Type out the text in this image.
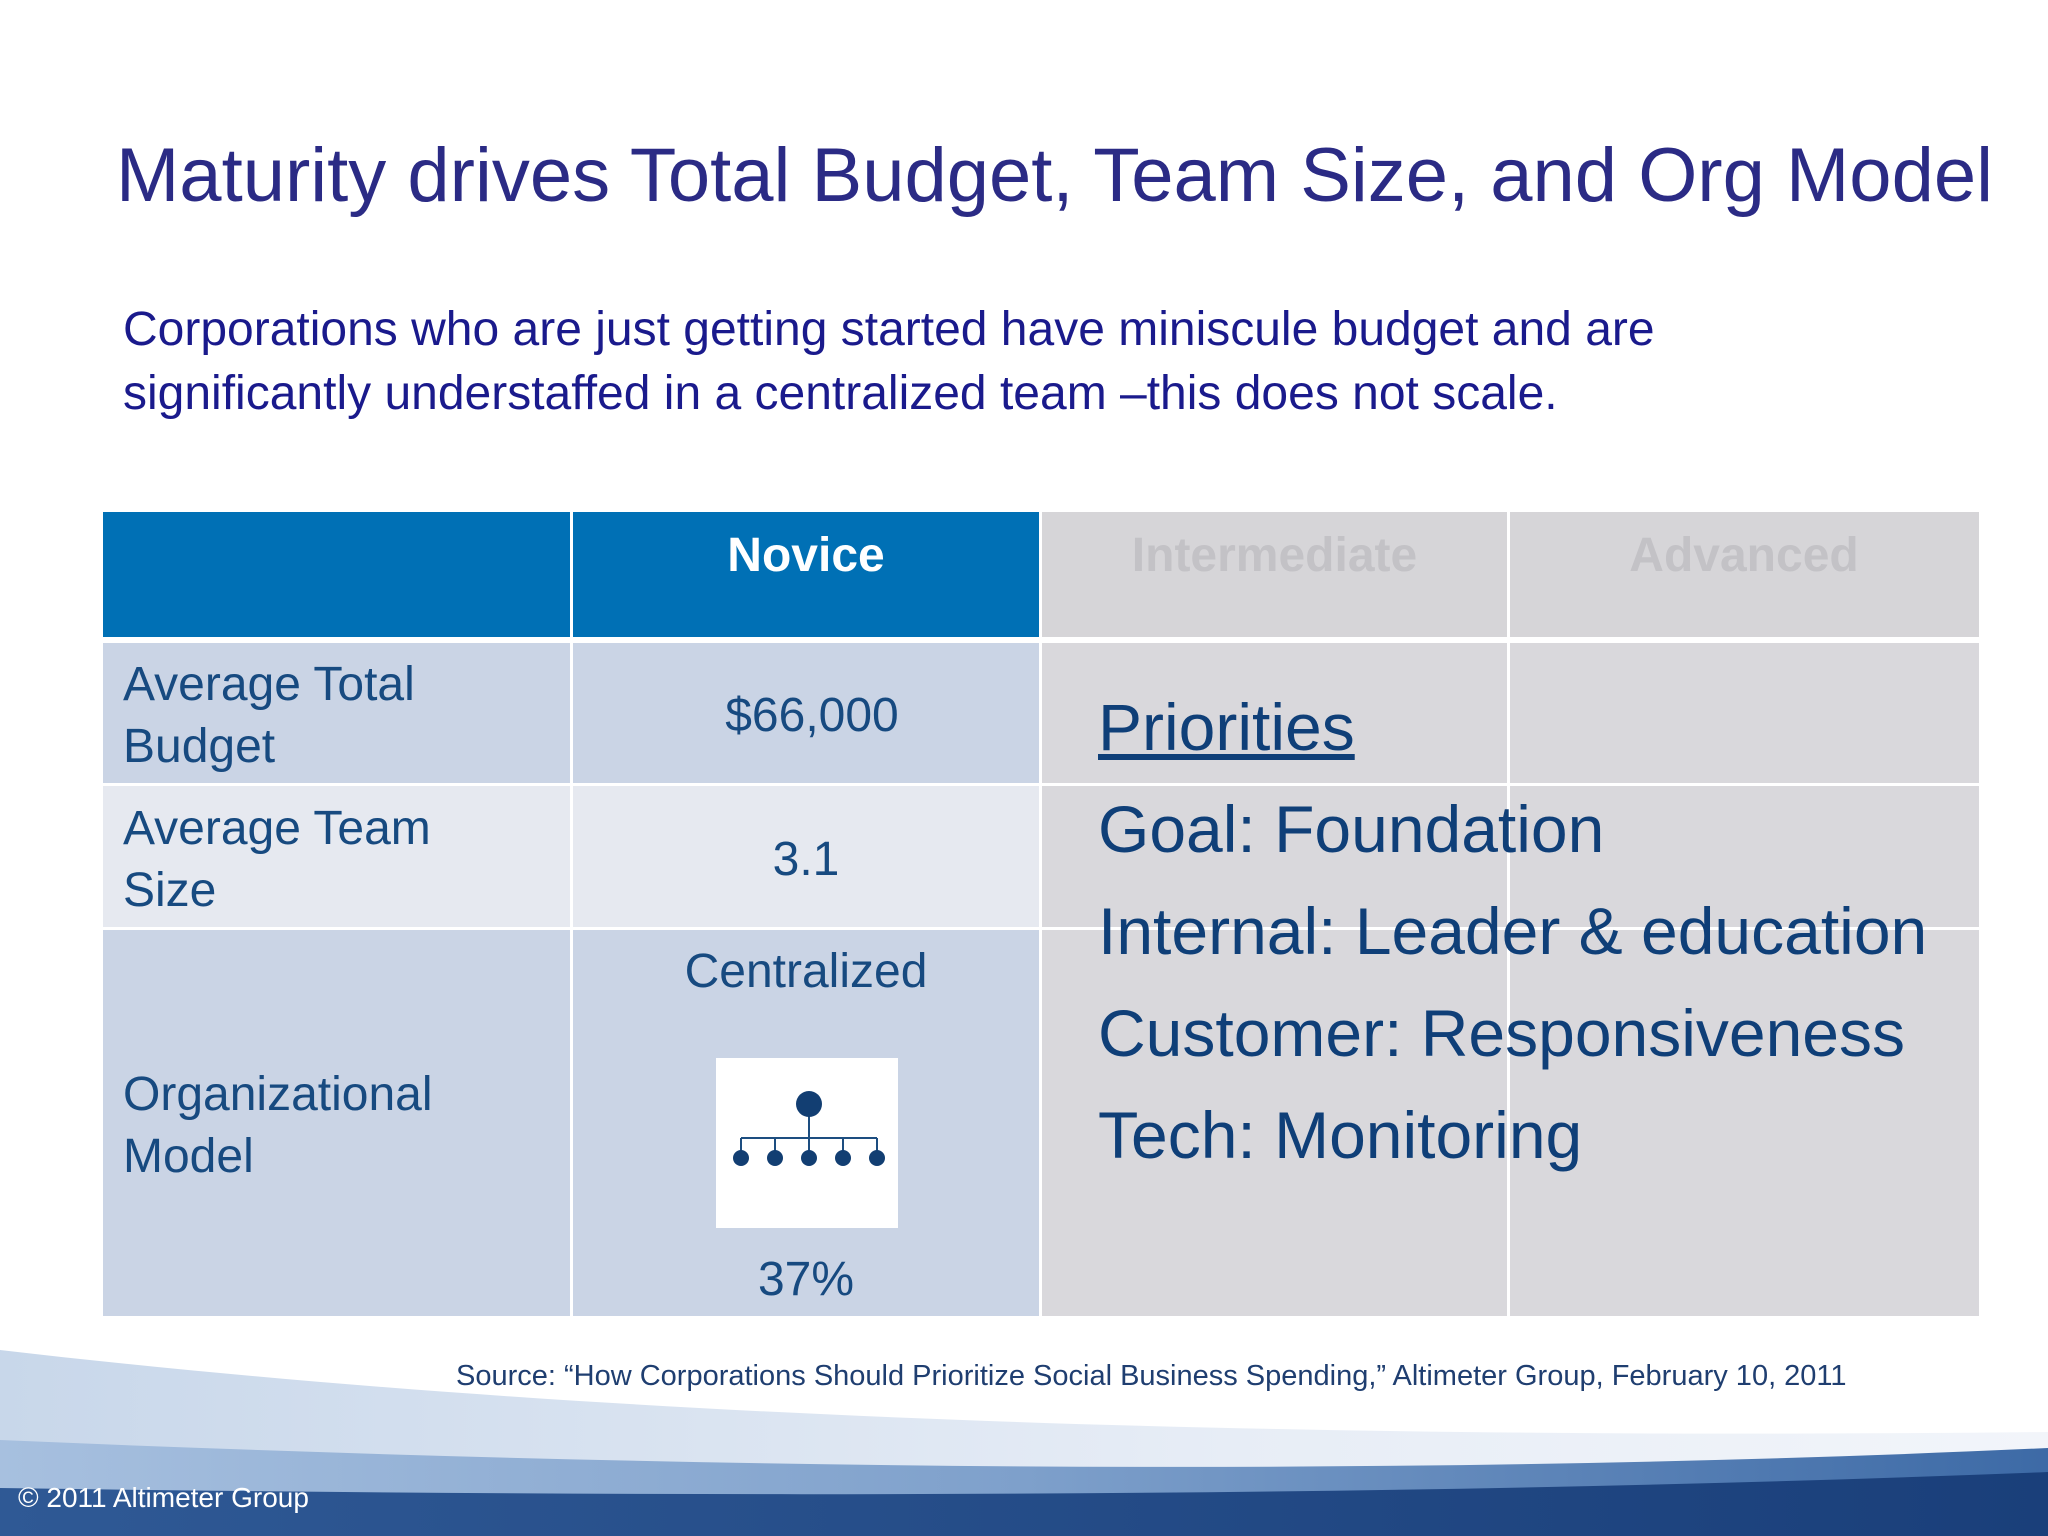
Maturity drives Total Budget, Team Size, and Org Model
Corporations who are just getting started have miniscule budget and are
significantly understaffed in a centralized team –this does not scale.
Novice	Intermediate	Advanced
Average Total
Budget
Average Team
Size
Organizational
Model
$66,000
3.1
Centralized
37%
Priorities
Goal: Foundation
Internal: Leader & education
Customer: Responsiveness
Tech: Monitoring
Source: “How Corporations Should Prioritize Social Business Spending,” Altimeter Group, February 10, 2011
© 2011 Altimeter Group
